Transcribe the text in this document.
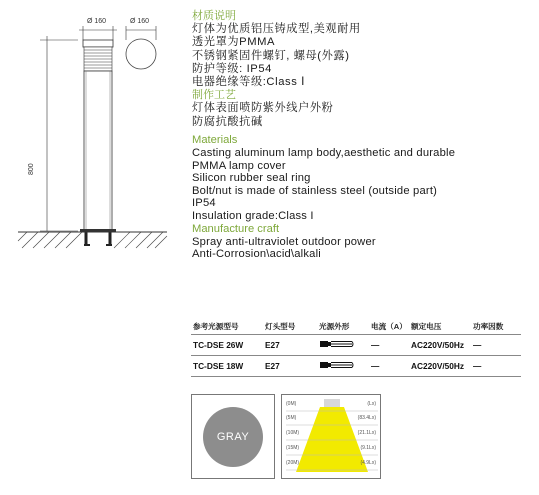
Ø 160	Ø 160
800
材质说明
灯体为优质铝压铸成型,美观耐用
透光罩为PMMA
不锈钢紧固件螺钉, 螺母(外露)
防护等级: IP54
电器绝缘等级:Class Ⅰ
制作工艺
灯体表面喷防紫外线户外粉
防腐抗酸抗碱
Materials
Casting aluminum lamp body,aesthetic and durable
PMMA lamp cover
Silicon rubber seal ring
Bolt/nut is made of stainless steel (outside part)
IP54
Insulation grade:Class I
Manufacture craft
Spray anti-ultraviolet outdoor power
Anti-Corrosion\acid\alkali
参考光源型号	灯头型号	光源外形	电流（A）	额定电压	功率因数
TC-DSE 26W	E27		—	AC220V/50Hz	—
TC-DSE 18W	E27		—	AC220V/50Hz	—
GRAY
(0M)	(Lx)
(5M)	(83.4Lx)
(10M)	(21.1Lx)
(15M)	(9.1Lx)
(20M)	(4.9Lx)
